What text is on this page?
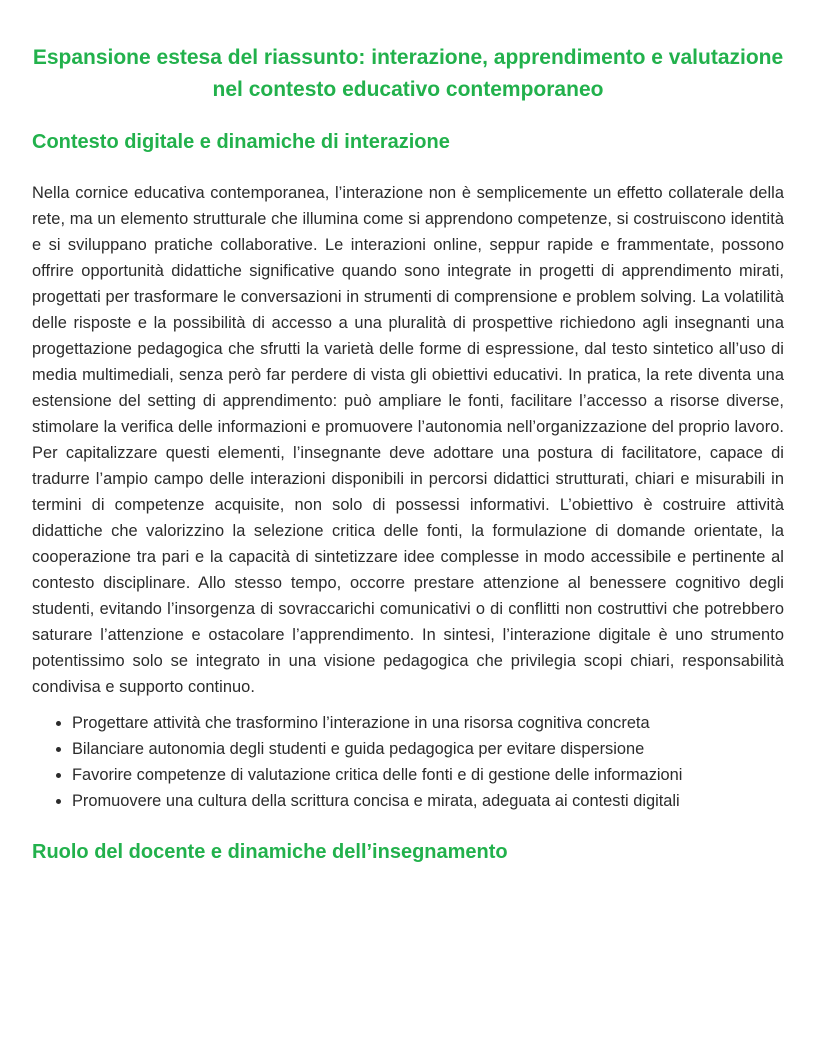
Espansione estesa del riassunto: interazione, apprendimento e valutazione nel contesto educativo contemporaneo
Contesto digitale e dinamiche di interazione

Nella cornice educativa contemporanea, l’interazione non è semplicemente un effetto collaterale della rete, ma un elemento strutturale che illumina come si apprendono competenze, si costruiscono identità e si sviluppano pratiche collaborative. Le interazioni online, seppur rapide e frammentate, possono offrire opportunità didattiche significative quando sono integrate in progetti di apprendimento mirati, progettati per trasformare le conversazioni in strumenti di comprensione e problem solving. La volatilità delle risposte e la possibilità di accesso a una pluralità di prospettive richiedono agli insegnanti una progettazione pedagogica che sfrutti la varietà delle forme di espressione, dal testo sintetico all’uso di media multimediali, senza però far perdere di vista gli obiettivi educativi. In pratica, la rete diventa una estensione del setting di apprendimento: può ampliare le fonti, facilitare l’accesso a risorse diverse, stimolare la verifica delle informazioni e promuovere l’autonomia nell’organizzazione del proprio lavoro. Per capitalizzare questi elementi, l’insegnante deve adottare una postura di facilitatore, capace di tradurre l’ampio campo delle interazioni disponibili in percorsi didattici strutturati, chiari e misurabili in termini di competenze acquisite, non solo di possessi informativi. L’obiettivo è costruire attività didattiche che valorizzino la selezione critica delle fonti, la formulazione di domande orientate, la cooperazione tra pari e la capacità di sintetizzare idee complesse in modo accessibile e pertinente al contesto disciplinare. Allo stesso tempo, occorre prestare attenzione al benessere cognitivo degli studenti, evitando l’insorgenza di sovraccarichi comunicativi o di conflitti non costruttivi che potrebbero saturare l’attenzione e ostacolare l’apprendimento. In sintesi, l’interazione digitale è uno strumento potentissimo solo se integrato in una visione pedagogica che privilegia scopi chiari, responsabilità condivisa e supporto continuo.

• Progettare attività che trasformino l’interazione in una risorsa cognitiva concreta
• Bilanciare autonomia degli studenti e guida pedagogica per evitare dispersione
• Favorire competenze di valutazione critica delle fonti e di gestione delle informazioni
• Promuovere una cultura della scrittura concisa e mirata, adeguata ai contesti digitali
Ruolo del docente e dinamiche dell’insegnamento
